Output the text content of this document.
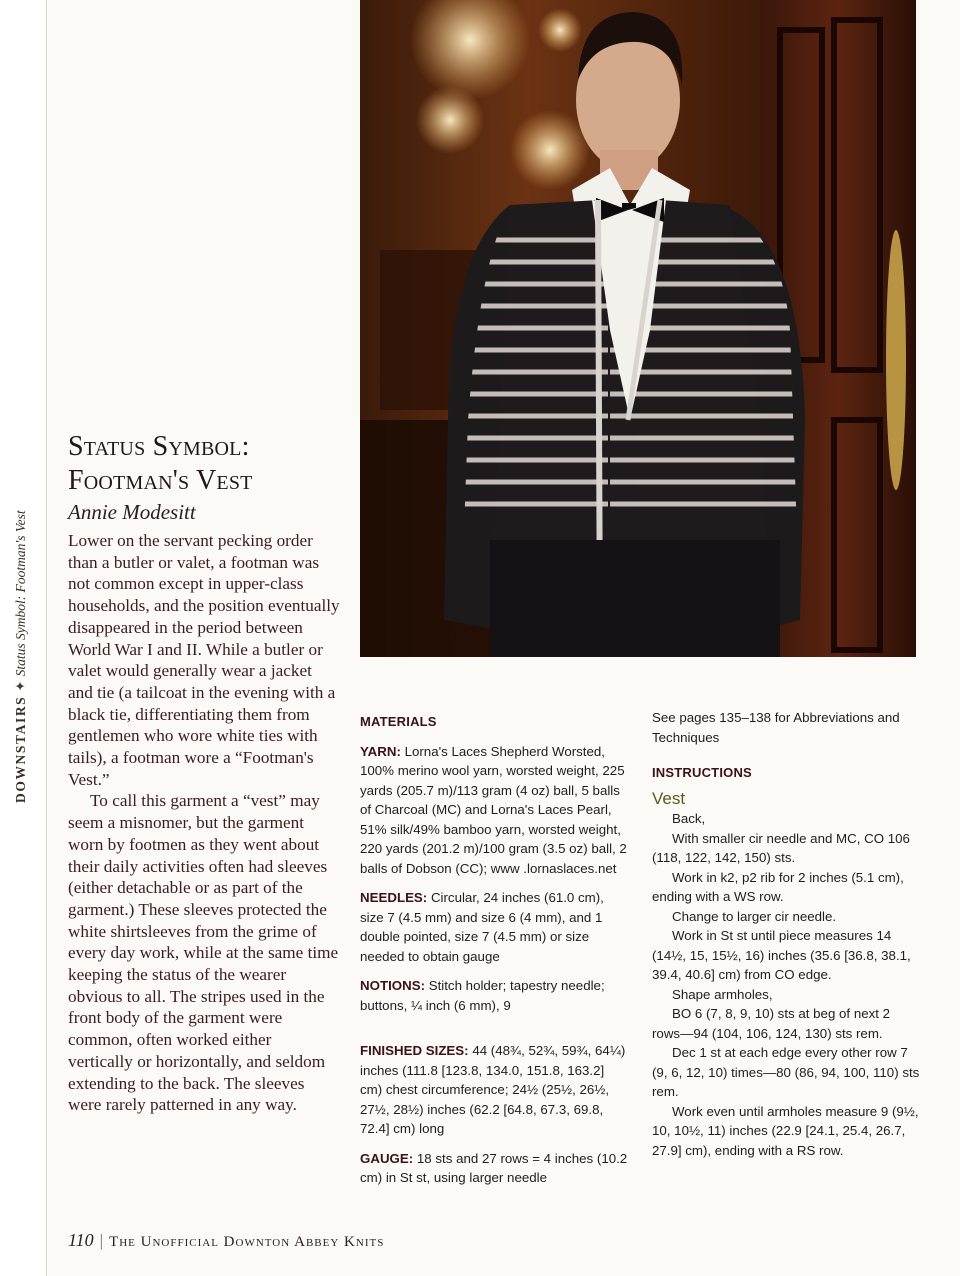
DOWNSTAIRS✦Status Symbol: Footman's Vest
Status Symbol:
Footman's Vest
Annie Modesitt

Lower on the servant pecking order than a butler or valet, a footman was not common except in upper-class households, and the position eventually disappeared in the period between World War I and II. While a butler or valet would generally wear a jacket and tie (a tailcoat in the evening with a black tie, differentiating them from gentlemen who wore white ties with tails), a footman wore a “Footman's Vest.”

To call this garment a “vest” may seem a misnomer, but the garment worn by footmen as they went about their daily activities often had sleeves (either detachable or as part of the garment.) These sleeves protected the white shirtsleeves from the grime of every day work, while at the same time keeping the status of the wearer obvious to all. The stripes used in the front body of the garment were common, often worked either vertically or horizontally, and seldom extending to the back. The sleeves were rarely patterned in any way.

MATERIALS

YARN: Lorna's Laces Shepherd Worsted, 100% merino wool yarn, worsted weight, 225 yards (205.7 m)/113 gram (4 oz) ball, 5 balls of Charcoal (MC) and Lorna's Laces Pearl, 51% silk/49% bamboo yarn, worsted weight, 220 yards (201.2 m)/100 gram (3.5 oz) ball, 2 balls of Dobson (CC); www .lornaslaces.net

NEEDLES: Circular, 24 inches (61.0 cm), size 7 (4.5 mm) and size 6 (4 mm), and 1 double pointed, size 7 (4.5 mm) or size needed to obtain gauge

NOTIONS: Stitch holder; tapestry needle; buttons, ¼ inch (6 mm), 9

FINISHED SIZES: 44 (48¾, 52¾, 59¾, 64¼) inches (111.8 [123.8, 134.0, 151.8, 163.2] cm) chest circumference; 24½ (25½, 26½, 27½, 28½) inches (62.2 [64.8, 67.3, 69.8, 72.4] cm) long

GAUGE: 18 sts and 27 rows = 4 inches (10.2 cm) in St st, using larger needle

See pages 135–138 for Abbreviations and Techniques

INSTRUCTIONS
Vest

Back,

With smaller cir needle and MC, CO 106 (118, 122, 142, 150) sts.

Work in k2, p2 rib for 2 inches (5.1 cm), ending with a WS row.

Change to larger cir needle.

Work in St st until piece measures 14 (14½, 15, 15½, 16) inches (35.6 [36.8, 38.1, 39.4, 40.6] cm) from CO edge.

Shape armholes,

BO 6 (7, 8, 9, 10) sts at beg of next 2 rows—94 (104, 106, 124, 130) sts rem.

Dec 1 st at each edge every other row 7 (9, 6, 12, 10) times—80 (86, 94, 100, 110) sts rem.

Work even until armholes measure 9 (9½, 10, 10½, 11) inches (22.9 [24.1, 25.4, 26.7, 27.9] cm), ending with a RS row.

110 | The Unofficial Downton Abbey Knits
